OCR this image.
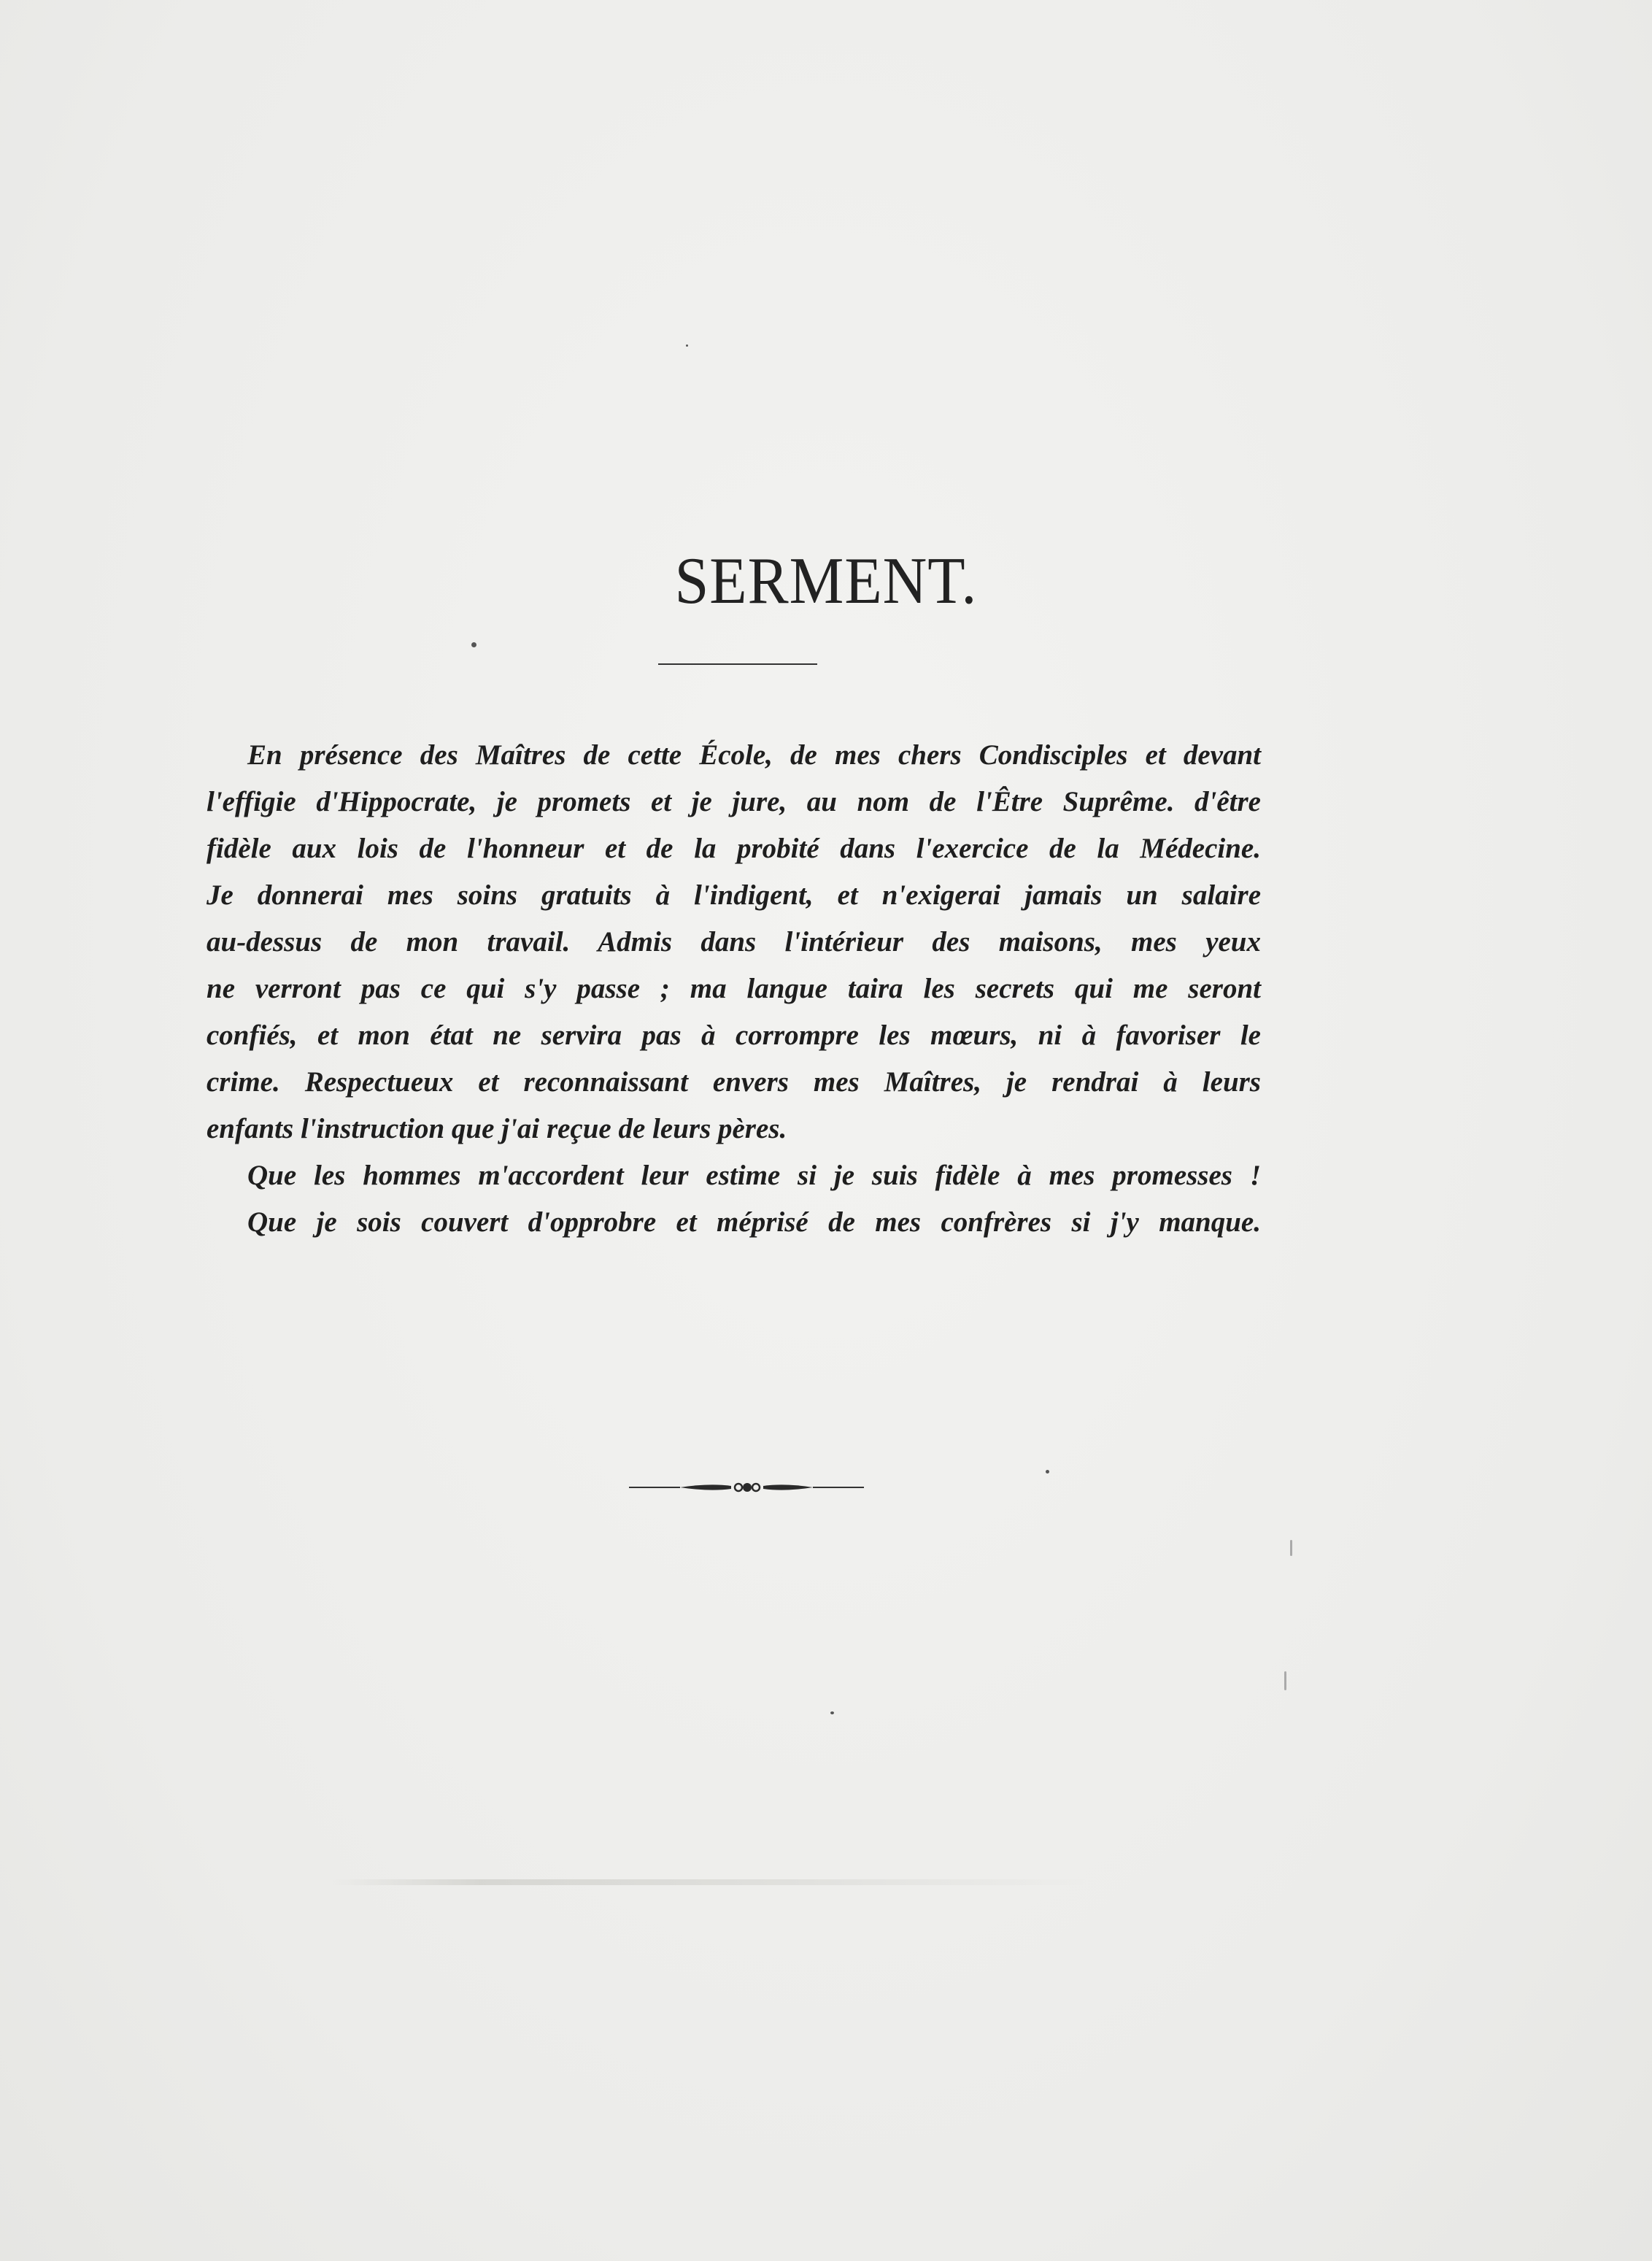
SERMENT.
En présence des Maîtres de cette École, de mes chers Condisciples et devant
l'effigie d'Hippocrate, je promets et je jure, au nom de l'Être Suprême. d'être
fidèle aux lois de l'honneur et de la probité dans l'exercice de la Médecine.
Je donnerai mes soins gratuits à l'indigent, et n'exigerai jamais un salaire
au-dessus de mon travail. Admis dans l'intérieur des maisons, mes yeux
ne verront pas ce qui s'y passe ; ma langue taira les secrets qui me seront
confiés, et mon état ne servira pas à corrompre les mœurs, ni à favoriser le
crime. Respectueux et reconnaissant envers mes Maîtres, je rendrai à leurs
enfants l'instruction que j'ai reçue de leurs pères.
Que les hommes m'accordent leur estime si je suis fidèle à mes promesses !
Que je sois couvert d'opprobre et méprisé de mes confrères si j'y manque.
